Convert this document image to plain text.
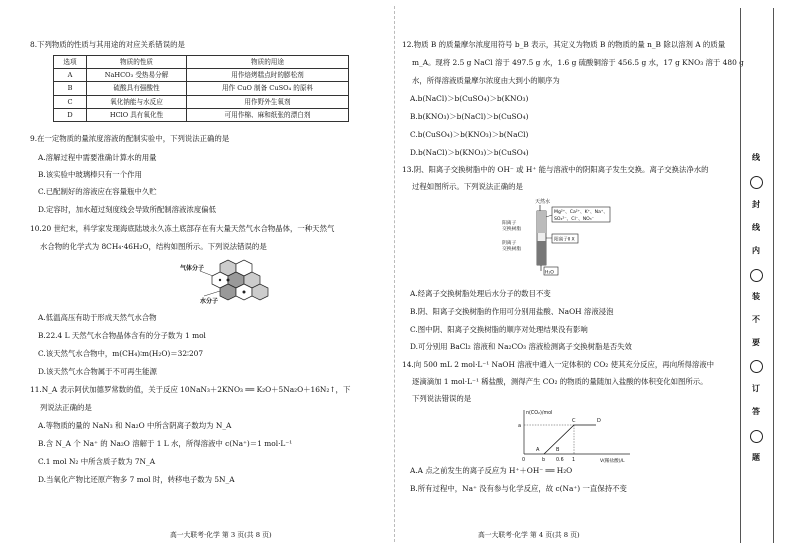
8.下列物质的性质与其用途的对应关系错误的是
选项	物质的性质	物质的用途
A	NaHCO₃ 受热易分解	用作焙烤糕点时的膨松剂
B	硫酸具有强酸性	用作 CuO 制备 CuSO₄ 的原料
C	氧化钠能与水反应	用作野外生氧剂
D	HClO 具有氧化性	可用作棉、麻和纸张的漂白剂
9.在一定物质的量浓度溶液的配制实验中，下列说法正确的是
A.溶解过程中需要准确计算水的用量
B.该实验中玻璃棒只有一个作用
C.已配制好的溶液应在容量瓶中久贮
D.定容时，加水超过刻度线会导致所配制溶液浓度偏低
10.20 世纪末，科学家发现海底陆坡永久冻土底部存在有大量天然气水合物晶体，一种天然气
水合物的化学式为 8CH₄·46H₂O，结构如图所示。下列说法错误的是
气体分子
水分子
A.低温高压有助于形成天然气水合物
B.22.4 L 天然气水合物晶体含有的分子数为 1 mol
C.该天然气水合物中，m(CH₄)∶m(H₂O)＝32∶207
D.该天然气水合物属于不可再生能源
11.N_A 表示阿伏加德罗常数的值，关于反应 10NaN₃＋2KNO₃ ══ K₂O＋5Na₂O＋16N₂↑，下
列说法正确的是
A.等物质的量的 NaN₃ 和 Na₂O 中所含阴离子数均为 N_A
B.含 N_A 个 Na⁺ 的 Na₂O 溶解于 1 L 水，所得溶液中 c(Na⁺)＝1 mol·L⁻¹
C.1 mol N₂ 中所含质子数为 7N_A
D.当氧化产物比还原产物多 7 mol 时，转移电子数为 5N_A
高一大联考·化学 第 3 页(共 8 页)
12.物质 B 的质量摩尔浓度用符号 b_B 表示，其定义为物质 B 的物质的量 n_B 除以溶剂 A 的质量
m_A。现将 2.5 g NaCl 溶于 497.5 g 水，1.6 g 硫酸铜溶于 456.5 g 水，17 g KNO₃ 溶于 480 g
水，所得溶液质量摩尔浓度由大到小的顺序为
A.b(NaCl)＞b(CuSO₄)＞b(KNO₃)
B.b(KNO₃)＞b(NaCl)＞b(CuSO₄)
C.b(CuSO₄)＞b(KNO₃)＞b(NaCl)
D.b(NaCl)＞b(KNO₃)＞b(CuSO₄)
13.阴、阳离子交换树脂中的 OH⁻ 或 H⁺ 能与溶液中的阴阳离子发生交换。离子交换法净水的
过程如图所示。下列说法正确的是
天然水
Mg²⁺、Ca²⁺、K⁺、Na⁺、
SO₄²⁻、Cl⁻、NO₃⁻
阳离子Ⅱ X
阳离子
交换树脂
阴离子
交换树脂
H₂O
A.经离子交换树脂处理后水分子的数目不变
B.阴、阳离子交换树脂的作用可分别用盐酸、NaOH 溶液浸泡
C.图中阴、阳离子交换树脂的顺序对处理结果没有影响
D.可分别用 BaCl₂ 溶液和 Na₂CO₃ 溶液检测离子交换树脂是否失效
14.向 500 mL 2 mol·L⁻¹ NaOH 溶液中通入一定体积的 CO₂ 使其充分反应，再向所得溶液中
逐滴滴加 1 mol·L⁻¹ 稀盐酸，测得产生 CO₂ 的物质的量随加入盐酸的体积变化如图所示。
下列说法错误的是
n(CO₂)/mol
V(稀盐酸)/L
a
0	b 0.6 1
A	B
C	D
A.A 点之前发生的离子反应为 H⁺＋OH⁻ ══ H₂O
B.所有过程中，Na⁺ 没有参与化学反应，故 c(Na⁺) 一直保持不变
高一大联考·化学 第 4 页(共 8 页)
线
封
线
内
装
不
要
订
答
题
